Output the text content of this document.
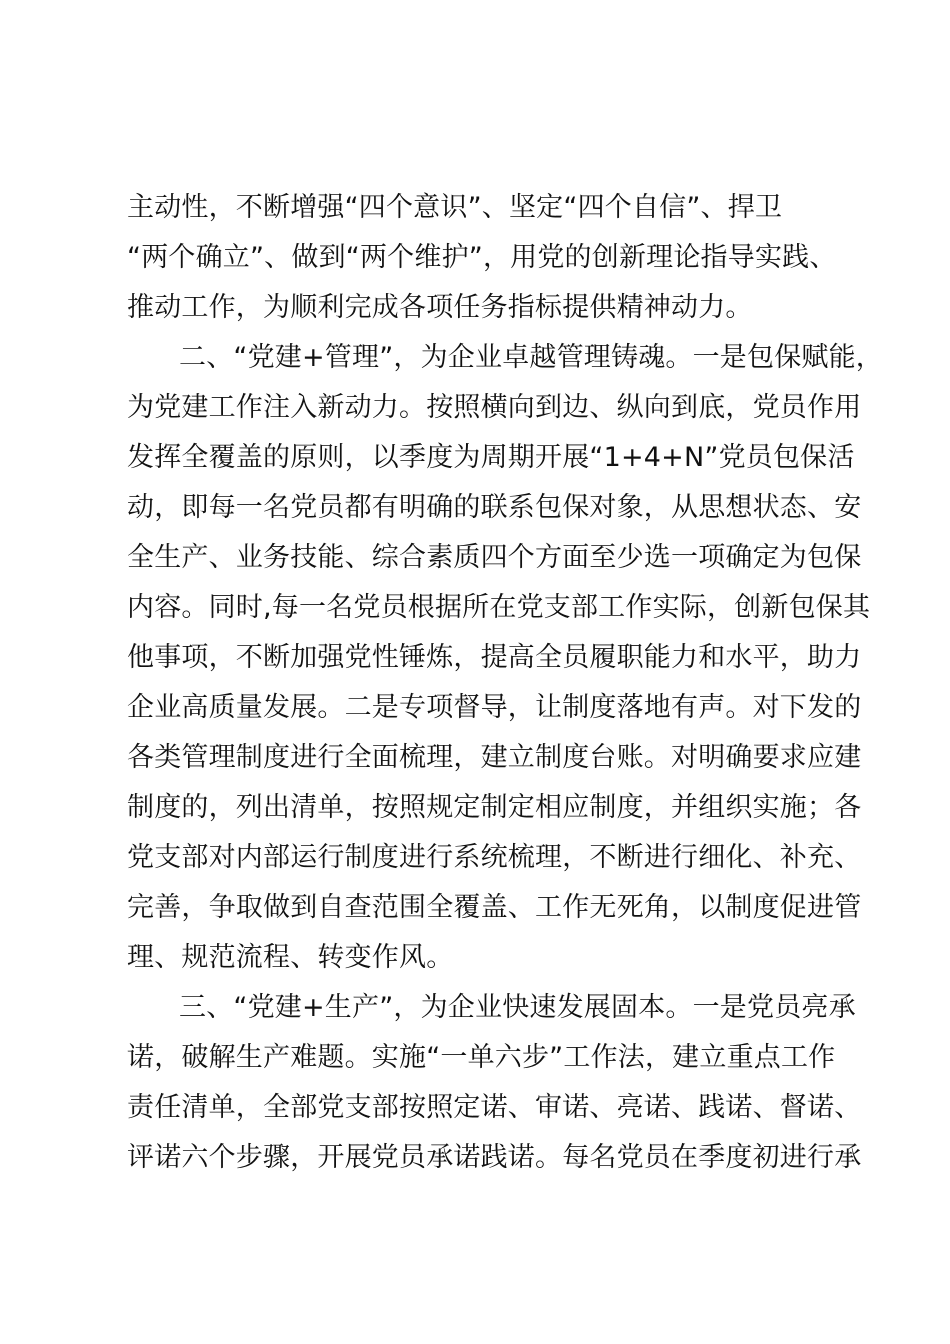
主动性，不断增强“四个意识”、坚定“四个自信”、捍卫
“两个确立”、做到“两个维护”，用党的创新理论指导实践、
推动工作，为顺利完成各项任务指标提供精神动力。
二、“党建+管理”，为企业卓越管理铸魂。一是包保赋能，
为党建工作注入新动力。按照横向到边、纵向到底，党员作用
发挥全覆盖的原则，以季度为周期开展“1+4+N”党员包保活
动，即每一名党员都有明确的联系包保对象，从思想状态、安
全生产、业务技能、综合素质四个方面至少选一项确定为包保
内容。同时,每一名党员根据所在党支部工作实际，创新包保其
他事项，不断加强党性锤炼，提高全员履职能力和水平，助力
企业高质量发展。二是专项督导，让制度落地有声。对下发的
各类管理制度进行全面梳理，建立制度台账。对明确要求应建
制度的，列出清单，按照规定制定相应制度，并组织实施；各
党支部对内部运行制度进行系统梳理，不断进行细化、补充、
完善，争取做到自查范围全覆盖、工作无死角，以制度促进管
理、规范流程、转变作风。
三、“党建+生产”，为企业快速发展固本。一是党员亮承
诺，破解生产难题。实施“一单六步”工作法，建立重点工作
责任清单，全部党支部按照定诺、审诺、亮诺、践诺、督诺、
评诺六个步骤，开展党员承诺践诺。每名党员在季度初进行承
